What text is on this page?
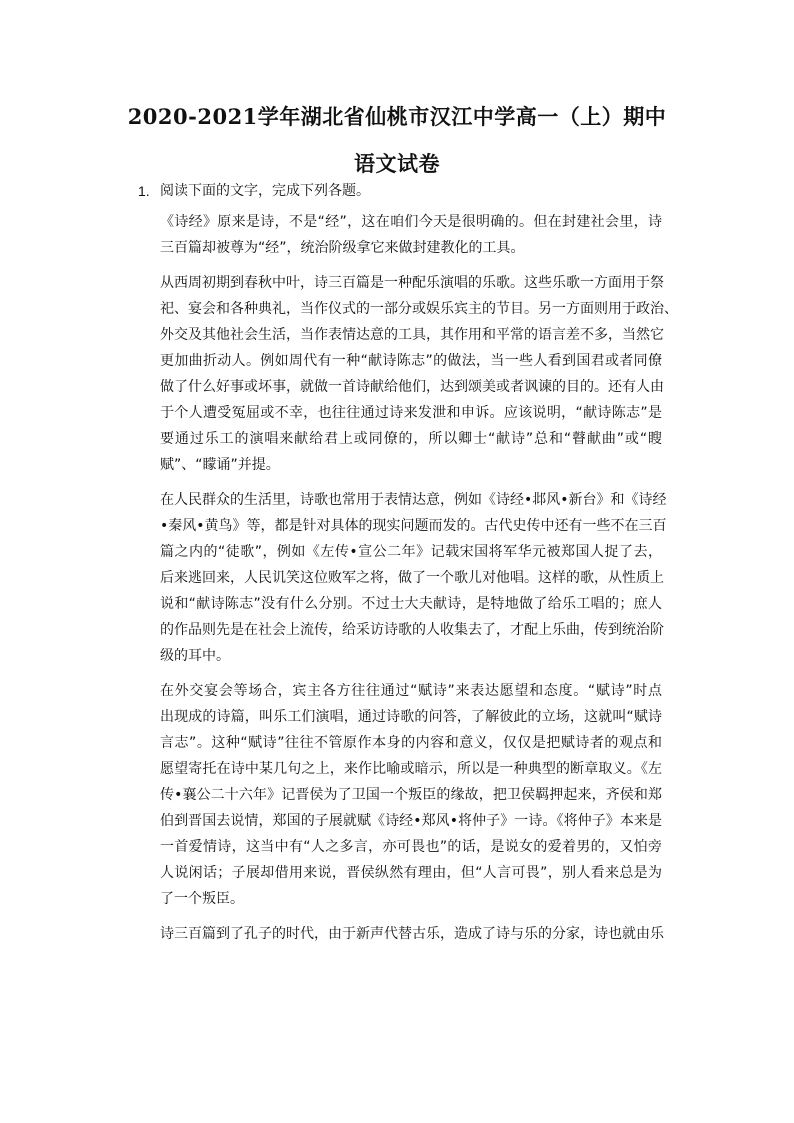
2020-2021学年湖北省仙桃市汉江中学高一（上）期中

语文试卷

1. 阅读下面的文字，完成下列各题。

《诗经》原来是诗，不是“经”，这在咱们今天是很明确的。但在封建社会里，诗
三百篇却被尊为“经”，统治阶级拿它来做封建教化的工具。

从西周初期到春秋中叶，诗三百篇是一种配乐演唱的乐歌。这些乐歌一方面用于祭
祀、宴会和各种典礼，当作仪式的一部分或娱乐宾主的节目。另一方面则用于政治、
外交及其他社会生活，当作表情达意的工具，其作用和平常的语言差不多，当然它
更加曲折动人。例如周代有一种“献诗陈志”的做法，当一些人看到国君或者同僚
做了什么好事或坏事，就做一首诗献给他们，达到颂美或者讽谏的目的。还有人由
于个人遭受冤屈或不幸，也往往通过诗来发泄和申诉。应该说明，“献诗陈志”是
要通过乐工的演唱来献给君上或同僚的，所以卿士“献诗”总和“瞽献曲”或“瞍
赋”、“矇诵”并提。

在人民群众的生活里，诗歌也常用于表情达意，例如《诗经•邶风•新台》和《诗经
•秦风•黄鸟》等，都是针对具体的现实问题而发的。古代史传中还有一些不在三百
篇之内的“徒歌”，例如《左传•宣公二年》记载宋国将军华元被郑国人捉了去，
后来逃回来，人民讥笑这位败军之将，做了一个歌儿对他唱。这样的歌，从性质上
说和“献诗陈志”没有什么分别。不过士大夫献诗，是特地做了给乐工唱的；庶人
的作品则先是在社会上流传，给采访诗歌的人收集去了，才配上乐曲，传到统治阶
级的耳中。

在外交宴会等场合，宾主各方往往通过“赋诗”来表达愿望和态度。“赋诗”时点
出现成的诗篇，叫乐工们演唱，通过诗歌的问答，了解彼此的立场，这就叫“赋诗
言志”。这种“赋诗”往往不管原作本身的内容和意义，仅仅是把赋诗者的观点和
愿望寄托在诗中某几句之上，来作比喻或暗示，所以是一种典型的断章取义。《左
传•襄公二十六年》记晋侯为了卫国一个叛臣的缘故，把卫侯羁押起来，齐侯和郑
伯到晋国去说情，郑国的子展就赋《诗经•郑风•将仲子》一诗。《将仲子》本来是
一首爱情诗，这当中有“人之多言，亦可畏也”的话，是说女的爱着男的，又怕旁
人说闲话；子展却借用来说，晋侯纵然有理由，但“人言可畏”，别人看来总是为
了一个叛臣。

诗三百篇到了孔子的时代，由于新声代替古乐，造成了诗与乐的分家，诗也就由乐
